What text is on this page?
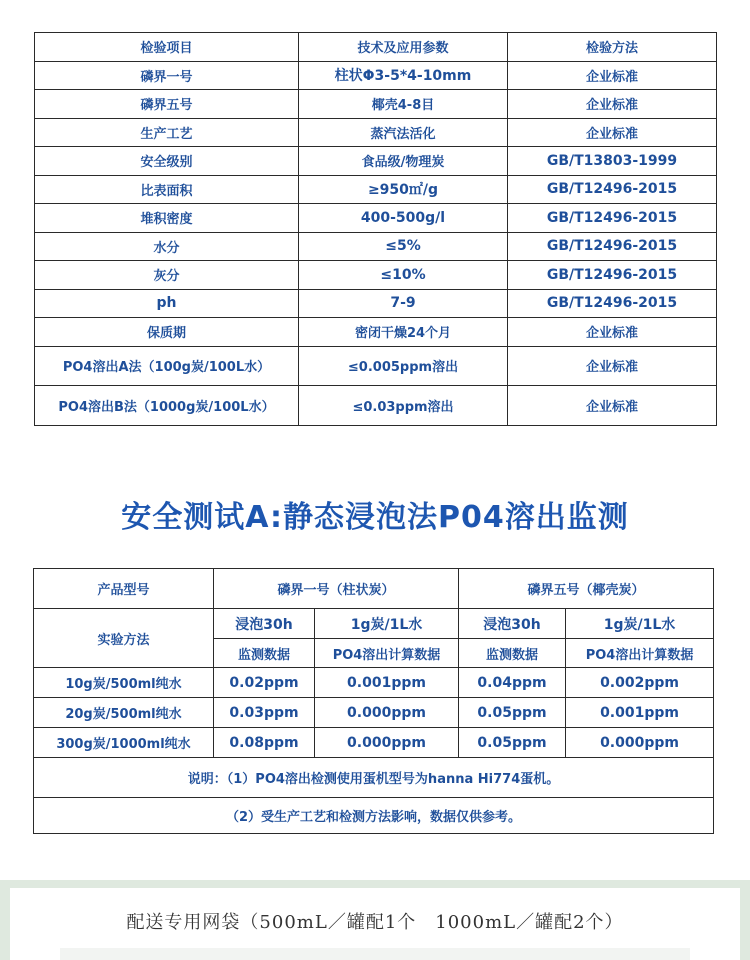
检验项目	技术及应用参数	检验方法
磷界一号	柱状Φ3-5*4-10mm	企业标准
磷界五号	椰壳4-8目	企业标准
生产工艺	蒸汽法活化	企业标准
安全级别	食品级/物理炭	GB/T13803-1999
比表面积	≥950㎡/g	GB/T12496-2015
堆积密度	400-500g/l	GB/T12496-2015
水分	≤5%	GB/T12496-2015
灰分	≤10%	GB/T12496-2015
ph	7-9	GB/T12496-2015
保质期	密闭干燥24个月	企业标准
PO4溶出A法（100g炭/100L水）	≤0.005ppm溶出	企业标准
PO4溶出B法（1000g炭/100L水）	≤0.03ppm溶出	企业标准
安全测试A:静态浸泡法P04溶出监测
产品型号	磷界一号（柱状炭）		磷界五号（椰壳炭）	
实验方法	浸泡30h	1g炭/1L水	浸泡30h	1g炭/1L水
	监测数据	PO4溶出计算数据	监测数据	PO4溶出计算数据
10g炭/500ml纯水	0.02ppm	0.001ppm	0.04ppm	0.002ppm
20g炭/500ml纯水	0.03ppm	0.000ppm	0.05ppm	0.001ppm
300g炭/1000ml纯水	0.08ppm	0.000ppm	0.05ppm	0.000ppm
说明：（1）PO4溶出检测使用蛋机型号为hanna Hi774蛋机。				
（2）受生产工艺和检测方法影响，数据仅供参考。				
配送专用网袋（500mL／罐配1个　1000mL／罐配2个）
